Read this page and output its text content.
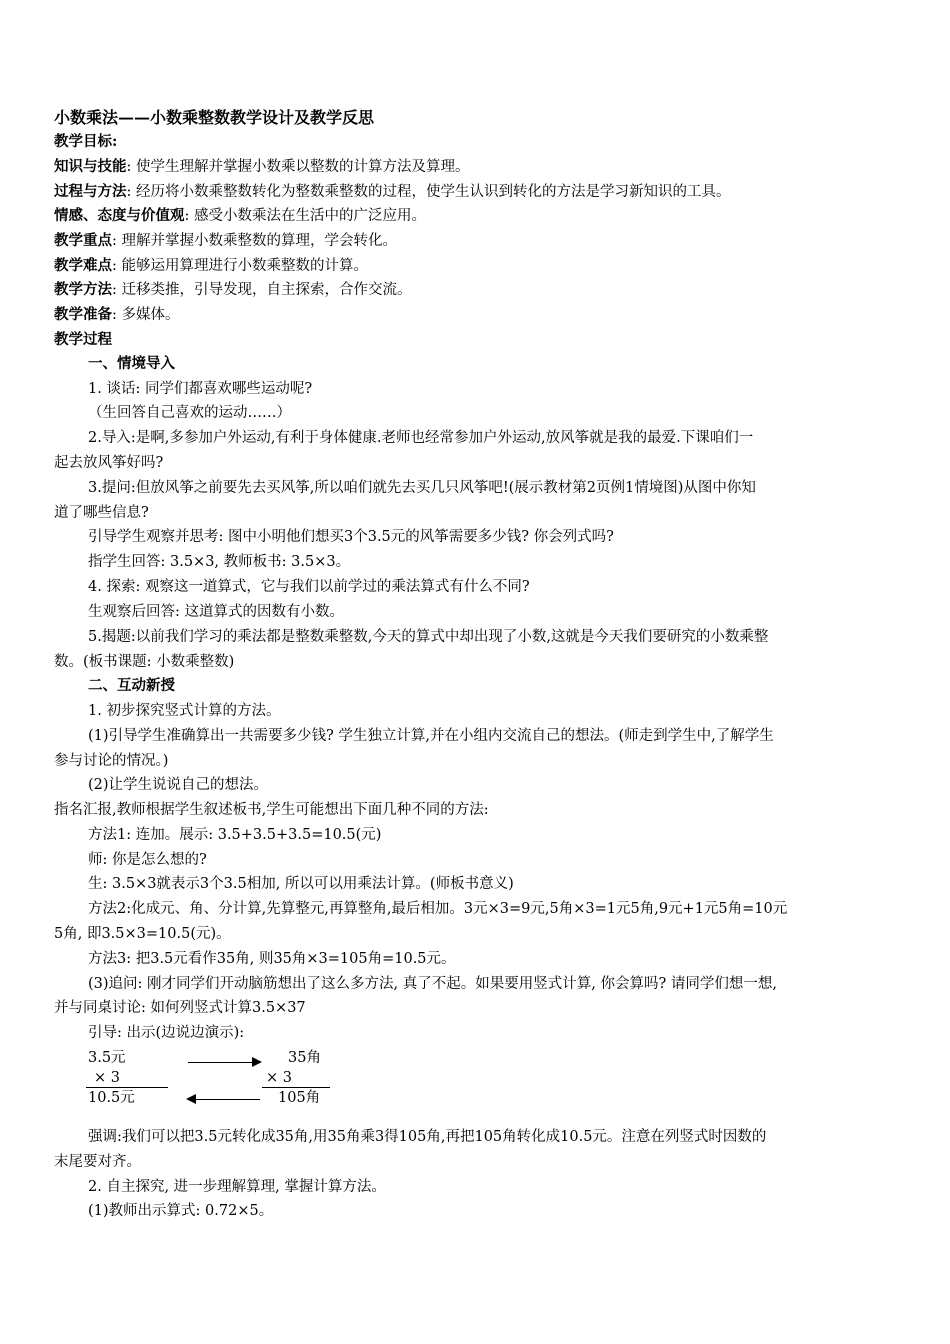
小数乘法——小数乘整数教学设计及教学反思
教学目标:
知识与技能: 使学生理解并掌握小数乘以整数的计算方法及算理。
过程与方法: 经历将小数乘整数转化为整数乘整数的过程，使学生认识到转化的方法是学习新知识的工具。
情感、态度与价值观: 感受小数乘法在生活中的广泛应用。
教学重点: 理解并掌握小数乘整数的算理，学会转化。
教学难点: 能够运用算理进行小数乘整数的计算。
教学方法: 迁移类推，引导发现，自主探索，合作交流。
教学准备: 多媒体。
教学过程
一、情境导入
1. 谈话: 同学们都喜欢哪些运动呢?
（生回答自己喜欢的运动……）
2.导入:是啊,多参加户外运动,有利于身体健康.老师也经常参加户外运动,放风筝就是我的最爱.下课咱们一
起去放风筝好吗?
3.提问:但放风筝之前要先去买风筝,所以咱们就先去买几只风筝吧!(展示教材第2页例1情境图)从图中你知
道了哪些信息?
引导学生观察并思考: 图中小明他们想买3个3.5元的风筝需要多少钱? 你会列式吗?
指学生回答: 3.5×3, 教师板书: 3.5×3。
4. 探索: 观察这一道算式，它与我们以前学过的乘法算式有什么不同?
生观察后回答: 这道算式的因数有小数。
5.揭题:以前我们学习的乘法都是整数乘整数,今天的算式中却出现了小数,这就是今天我们要研究的小数乘整
数。(板书课题: 小数乘整数)
二、互动新授
1. 初步探究竖式计算的方法。
(1)引导学生准确算出一共需要多少钱? 学生独立计算,并在小组内交流自己的想法。(师走到学生中,了解学生
参与讨论的情况。)
(2)让学生说说自己的想法。
指名汇报,教师根据学生叙述板书,学生可能想出下面几种不同的方法:
方法1: 连加。展示: 3.5+3.5+3.5=10.5(元)
师: 你是怎么想的?
生: 3.5×3就表示3个3.5相加, 所以可以用乘法计算。(师板书意义)
方法2:化成元、角、分计算,先算整元,再算整角,最后相加。3元×3=9元,5角×3=1元5角,9元+1元5角=10元
5角, 即3.5×3=10.5(元)。
方法3: 把3.5元看作35角, 则35角×3=105角=10.5元。
(3)追问: 刚才同学们开动脑筋想出了这么多方法, 真了不起。如果要用竖式计算, 你会算吗? 请同学们想一想,
并与同桌讨论: 如何列竖式计算3.5×37
引导: 出示(边说边演示):
3.5元
× 3
10.5元
35角
× 3
105角
强调:我们可以把3.5元转化成35角,用35角乘3得105角,再把105角转化成10.5元。注意在列竖式时因数的
末尾要对齐。
2. 自主探究, 进一步理解算理, 掌握计算方法。
(1)教师出示算式: 0.72×5。
